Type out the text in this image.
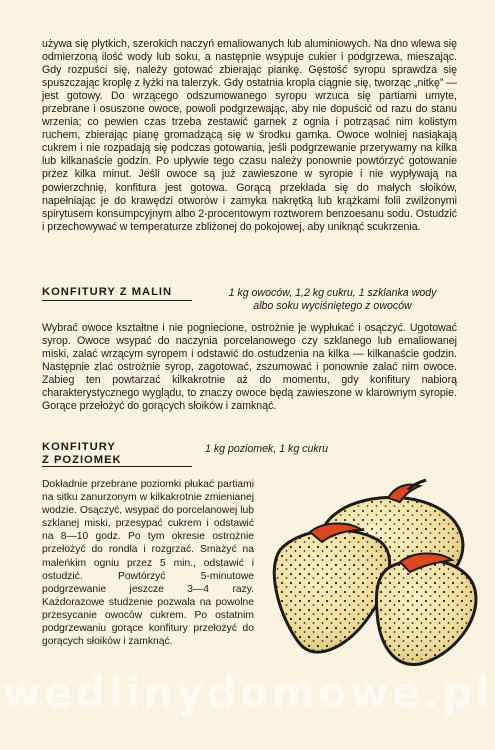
używa się płytkich, szerokich naczyń emaliowanych lub aluminiowych. Na dno wlewa się odmierzoną ilość wody lub soku, a następnie wsypuje cukier i podgrzewa, mieszając. Gdy rozpuści się, należy gotować zbierając piankę. Gęstość syropu sprawdza się spuszczając kroplę z łyżki na talerzyk. Gdy ostatnia kropla ciągnie się, tworząc „nitkę” — jest gotowy. Do wrzącego odszumowanego syropu wrzuca się partiami umyte, przebrane i osuszone owoce, powoli podgrzewając, aby nie dopuścić od razu do stanu wrzenia; co pewien czas trzeba zestawić garnek z ognia i potrząsać nim kolistym ruchem, zbierając pianę gromadzącą się w środku garnka. Owoce wolniej nasiąkają cukrem i nie rozpadają się podczas gotowania, jeśli podgrzewanie przerywamy na kilka lub kilkanaście godzin. Po upływie tego czasu należy ponownie powtórzyć gotowanie przez kilka minut. Jeśli owoce są już zawieszone w syropie i nie wypływają na powierzchnię, konfitura jest gotowa. Gorącą przekłada się do małych słoików, napełniając je do krawędzi otworów i zamyka nakrętką lub krążkami folii zwilżonymi spirytusem konsumpcyjnym albo 2-procentowym roztworem benzoesanu sodu. Ostudzić i przechowywać w temperaturze zbliżonej do pokojowej, aby uniknąć scukrzenia.

KONFITURY Z MALIN	1 kg owoców, 1,2 kg cukru, 1 szklanka wody
albo soku wyciśniętego z owoców

Wybrać owoce kształtne i nie pogniecione, ostrożnie je wypłukać i osączyć. Ugotować syrop. Owoce wsypać do naczynia porcelanowego czy szklanego lub emaliowanej miski, zalać wrzącym syropem i odstawić do ostudzenia na kilka — kilkanaście godzin. Następnie zlać ostrożnie syrop, zagotować, zszumować i ponownie zalać nim owoce. Zabieg ten powtarzać kilkakrotnie aż do momentu, gdy konfitury nabiorą charakterystycznego wyglądu, to znaczy owoce będą zawieszone w klarownym syropie. Gorące przełożyć do gorących słoików i zamknąć.

KONFITURY
Z POZIOMEK

1 kg poziomek, 1 kg cukru

Dokładnie przebrane poziomki płukać partiami na sitku zanurzonym w kilkakrotnie zmienianej wodzie. Osączyć, wsypać do porcelanowej lub szklanej miski, przesypać cukrem i odstawić na 8—10 godz. Po tym okresie ostrożnie przełożyć do rondla i rozgrzać. Smażyć na maleńkim ogniu przez 5 min., odstawić i ostudzić. Powtórzyć 5-minutowe podgrzewanie jeszcze 3—4 razy. Każdorazowe studzenie pozwala na powolne przesycanie owoców cukrem. Po ostatnim podgrzewaniu gorące konfitury przełożyć do gorących słoików i zamknąć.

wedlinydomowe.pl
